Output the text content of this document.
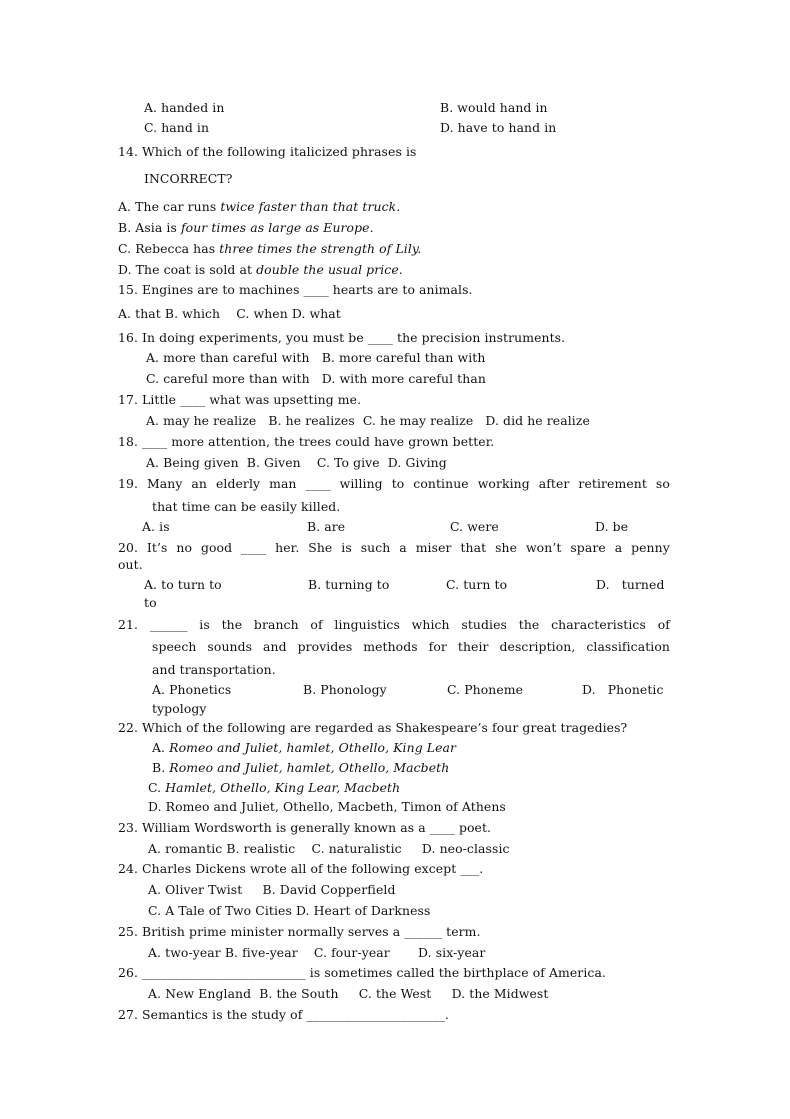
A. handed in	B. would hand in
C. hand in	D. have to hand in
14. Which of the following italicized phrases is
INCORRECT?
A. The car runs twice faster than that truck.
B. Asia is four times as large as Europe.
C. Rebecca has three times the strength of Lily.
D. The coat is sold at double the usual price.
15. Engines are to machines ____ hearts are to animals.
A. that B. which    C. when D. what
16. In doing experiments, you must be ____ the precision instruments.
A. more than careful with   B. more careful than with
C. careful more than with   D. with more careful than
17. Little ____ what was upsetting me.
A. may he realize   B. he realizes  C. he may realize   D. did he realize
18. ____ more attention, the trees could have grown better.
A. Being given  B. Given    C. To give  D. Giving
19. Many an elderly man ____ willing to continue working after retirement so
that time can be easily killed.
A. is	B. are	C. were	D. be
20. It’s no good ____ her. She is such a miser that she won’t spare a penny
out.
A. to turn to	B. turning to	C. turn to	D.   turned
to
21. ______ is the branch of linguistics which studies the characteristics of
speech sounds and provides methods for their description, classification
and transportation.
A. Phonetics	B. Phonology	C. Phoneme	D.   Phonetic
typology
22. Which of the following are regarded as Shakespeare’s four great tragedies?
A. Romeo and Juliet, hamlet, Othello, King Lear
B. Romeo and Juliet, hamlet, Othello, Macbeth
C. Hamlet, Othello, King Lear, Macbeth
D. Romeo and Juliet, Othello, Macbeth, Timon of Athens
23. William Wordsworth is generally known as a ____ poet.
A. romantic B. realistic    C. naturalistic     D. neo-classic
24. Charles Dickens wrote all of the following except ___.
A. Oliver Twist     B. David Copperfield
C. A Tale of Two Cities D. Heart of Darkness
25. British prime minister normally serves a ______ term.
A. two-year B. five-year    C. four-year       D. six-year
26. __________________________ is sometimes called the birthplace of America.
A. New England  B. the South     C. the West     D. the Midwest
27. Semantics is the study of ______________________.
